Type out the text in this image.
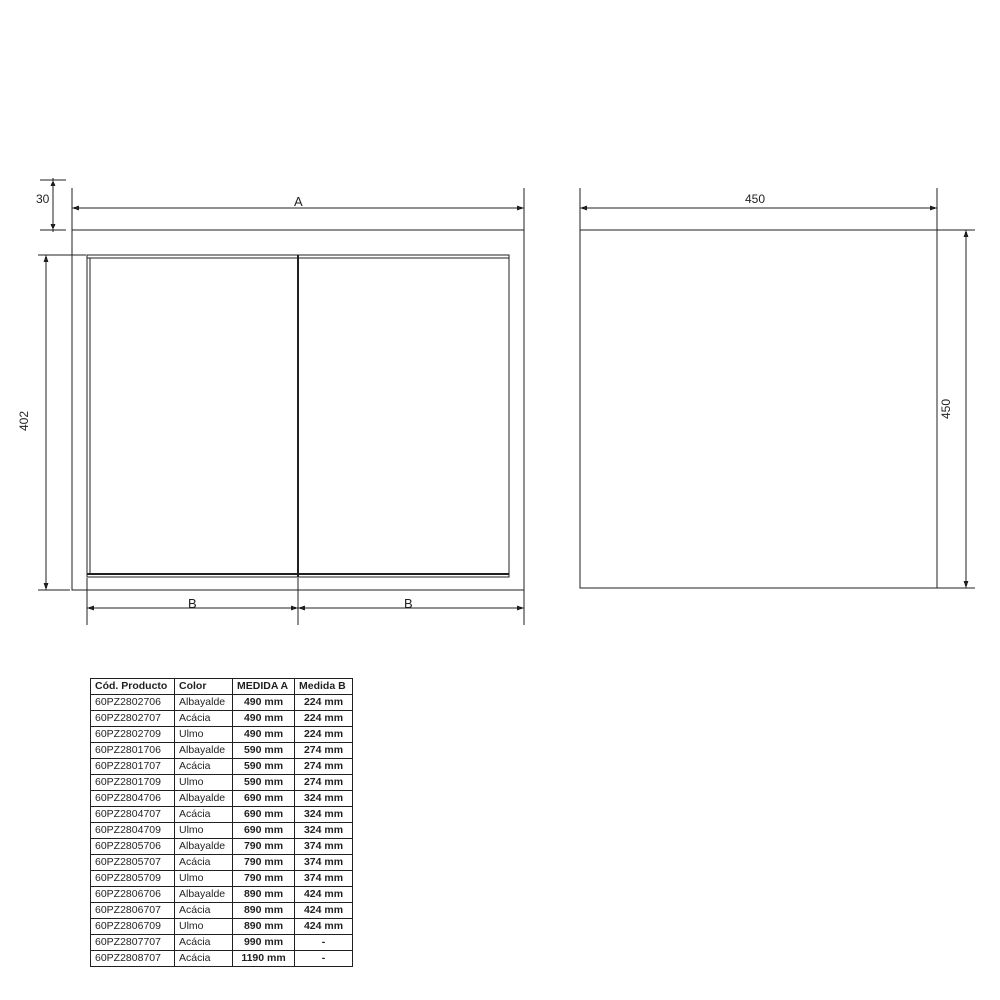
30	A
402
B	B
450
450
Cód. Producto	Color	MEDIDA A	Medida B
60PZ2802706	Albayalde	490 mm	224 mm
60PZ2802707	Acácia	490 mm	224 mm
60PZ2802709	Ulmo	490 mm	224 mm
60PZ2801706	Albayalde	590 mm	274 mm
60PZ2801707	Acácia	590 mm	274 mm
60PZ2801709	Ulmo	590 mm	274 mm
60PZ2804706	Albayalde	690 mm	324 mm
60PZ2804707	Acácia	690 mm	324 mm
60PZ2804709	Ulmo	690 mm	324 mm
60PZ2805706	Albayalde	790 mm	374 mm
60PZ2805707	Acácia	790 mm	374 mm
60PZ2805709	Ulmo	790 mm	374 mm
60PZ2806706	Albayalde	890 mm	424 mm
60PZ2806707	Acácia	890 mm	424 mm
60PZ2806709	Ulmo	890 mm	424 mm
60PZ2807707	Acácia	990 mm	-
60PZ2808707	Acácia	1190 mm	-
